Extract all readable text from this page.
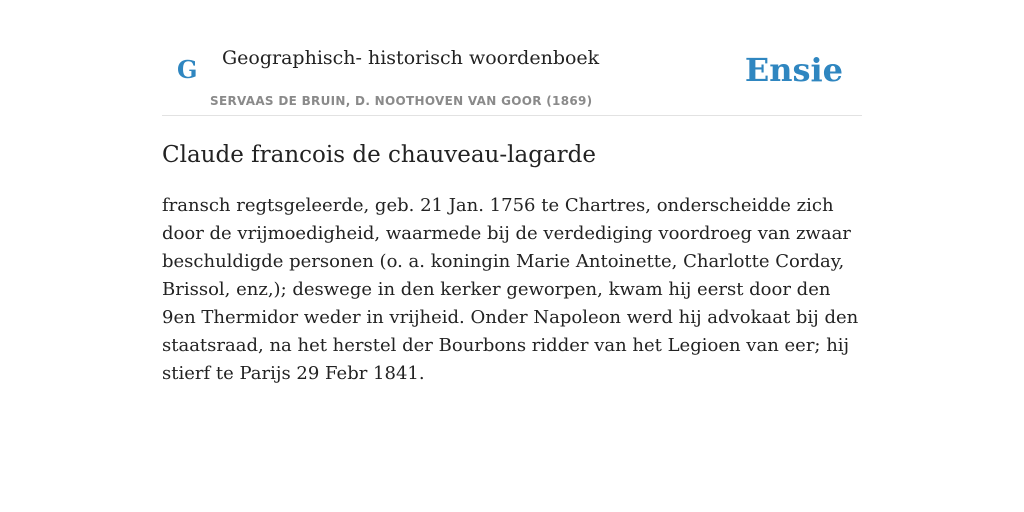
G Geographisch- historisch woordenboek
SERVAAS DE BRUIN, D. NOOTHOVEN VAN GOOR (1869)
Ensie
Claude francois de chauveau-lagarde

fransch regtsgeleerde, geb. 21 Jan. 1756 te Chartres, onderscheidde zich door de vrijmoedigheid, waarmede bij de verdediging voordroeg van zwaar beschuldigde personen (o. a. koningin Marie Antoinette, Charlotte Corday, Brissol, enz,); deswege in den kerker geworpen, kwam hij eerst door den 9en Thermidor weder in vrijheid. Onder Napoleon werd hij advokaat bij den staatsraad, na het herstel der Bourbons ridder van het Legioen van eer; hij stierf te Parijs 29 Febr 1841.
